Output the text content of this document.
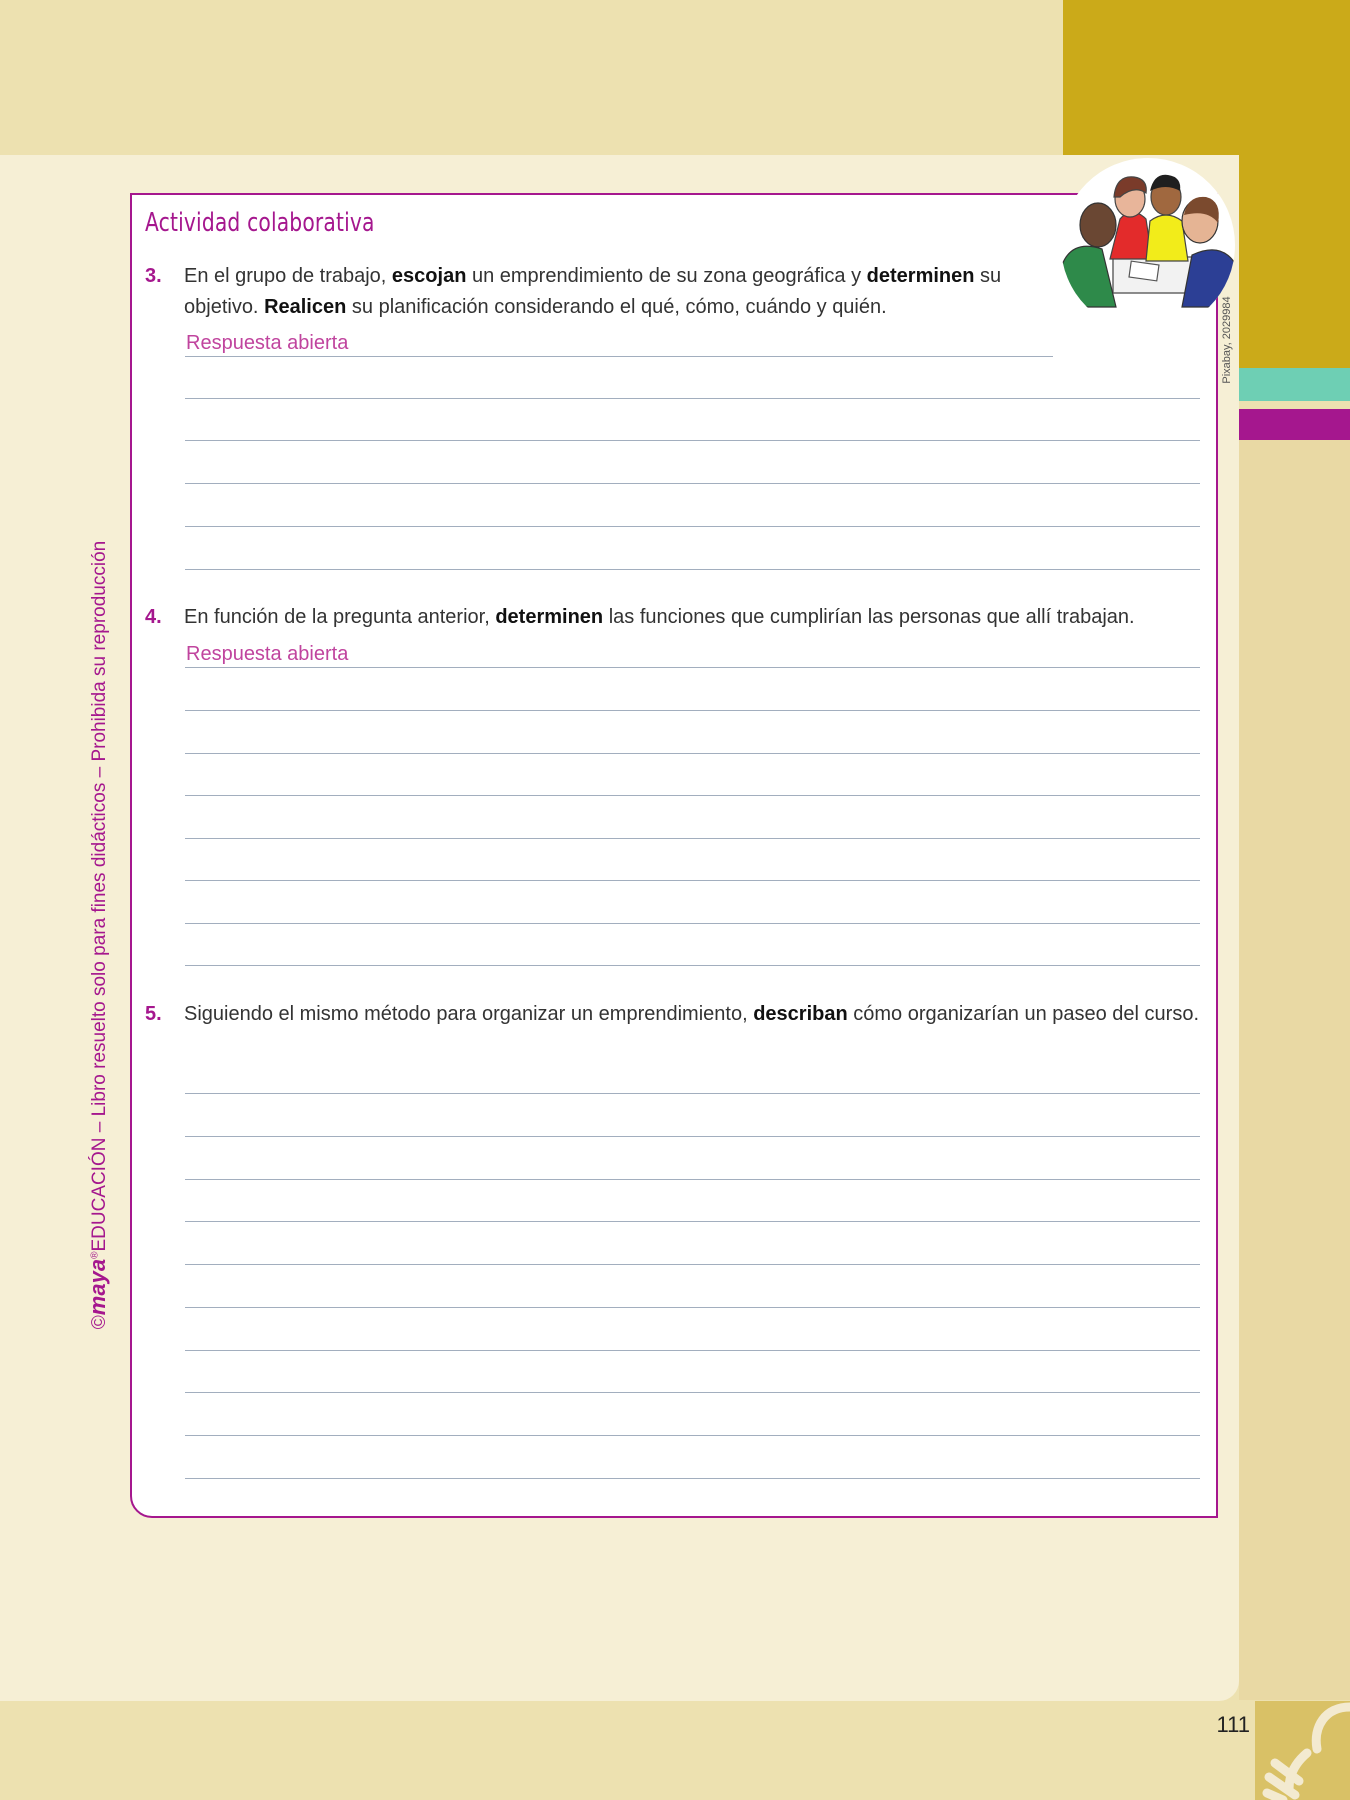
111
©maya®EDUCACIÓN – Libro resuelto solo para fines didácticos – Prohibida su reproducción
Pixabay, 2029984
Actividad colaborativa
3. En el grupo de trabajo, escojan un emprendimiento de su zona geográfica y determinen su objetivo. Realicen su planificación considerando el qué, cómo, cuándo y quién.
Respuesta abierta
4. En función de la pregunta anterior, determinen las funciones que cumplirían las personas que allí trabajan.
Respuesta abierta
5. Siguiendo el mismo método para organizar un emprendimiento, describan cómo organizarían un paseo del curso.
